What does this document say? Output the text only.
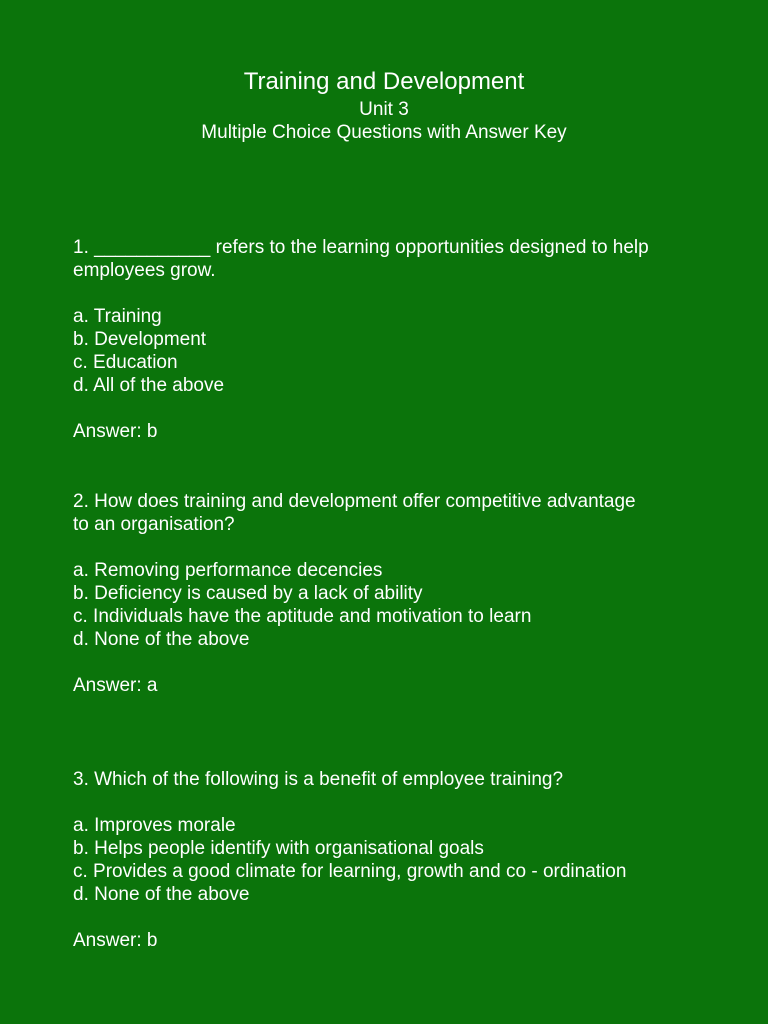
Training and Development
Unit 3
Multiple Choice Questions with Answer Key
1. ___________ refers to the learning opportunities designed to help
employees grow.
a. Training
b. Development
c. Education
d. All of the above
Answer: b
2. How does training and development offer competitive advantage
to an organisation?
a. Removing performance decencies
b. Deficiency is caused by a lack of ability
c. Individuals have the aptitude and motivation to learn
d. None of the above
Answer: a
3. Which of the following is a benefit of employee training?
a. Improves morale
b. Helps people identify with organisational goals
c. Provides a good climate for learning, growth and co - ordination
d. None of the above
Answer: b
